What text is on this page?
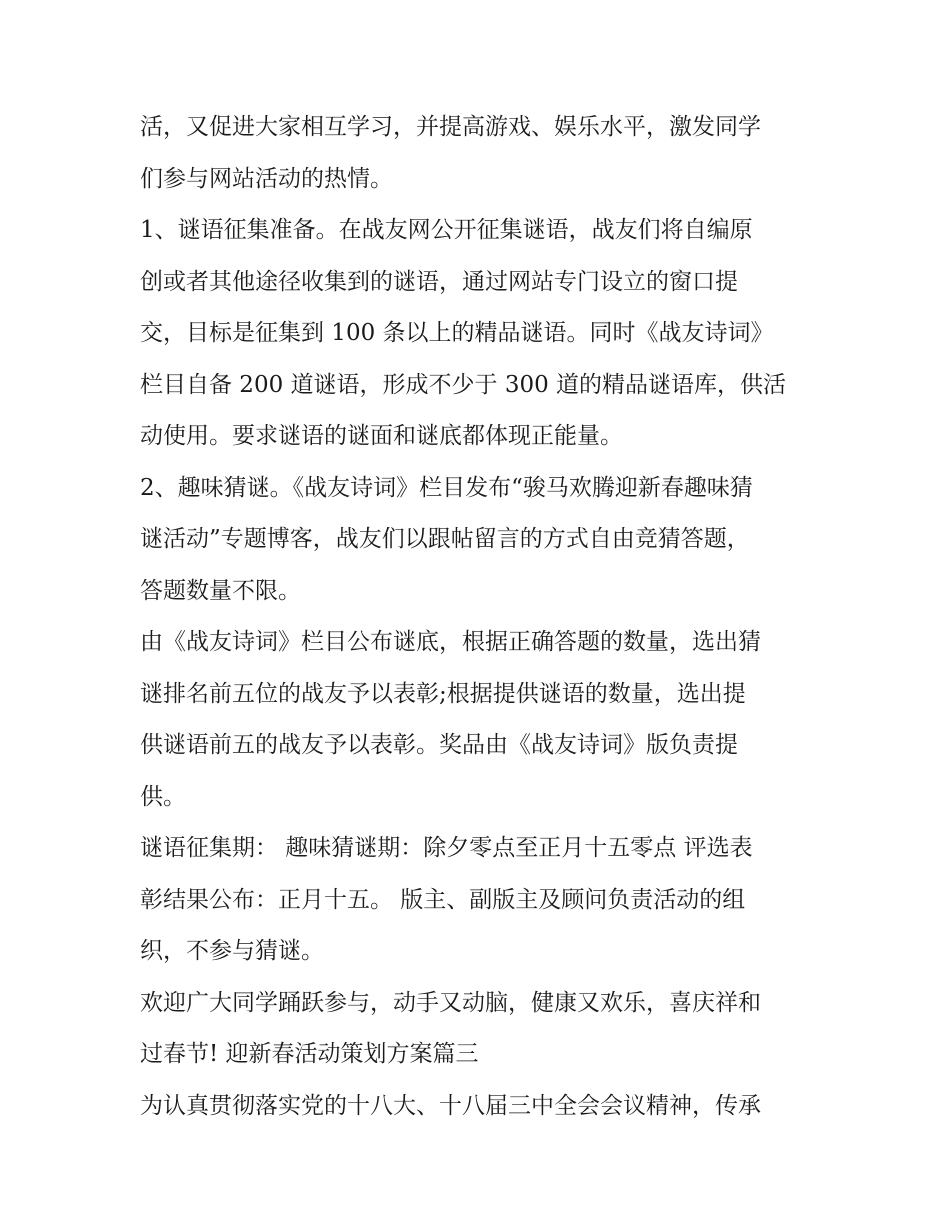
活，又促进大家相互学习，并提高游戏、娱乐水平，激发同学
们参与网站活动的热情。
1、谜语征集准备。在战友网公开征集谜语，战友们将自编原
创或者其他途径收集到的谜语，通过网站专门设立的窗口提
交，目标是征集到 100 条以上的精品谜语。同时《战友诗词》
栏目自备 200 道谜语，形成不少于 300 道的精品谜语库，供活
动使用。要求谜语的谜面和谜底都体现正能量。
2、趣味猜谜。《战友诗词》栏目发布“骏马欢腾迎新春趣味猜
谜活动”专题博客，战友们以跟帖留言的方式自由竞猜答题，
答题数量不限。
由《战友诗词》栏目公布谜底，根据正确答题的数量，选出猜
谜排名前五位的战友予以表彰;根据提供谜语的数量，选出提
供谜语前五的战友予以表彰。奖品由《战友诗词》版负责提
供。
谜语征集期： 趣味猜谜期：除夕零点至正月十五零点 评选表
彰结果公布：正月十五。 版主、副版主及顾问负责活动的组
织，不参与猜谜。
欢迎广大同学踊跃参与，动手又动脑，健康又欢乐，喜庆祥和
过春节! 迎新春活动策划方案篇三
为认真贯彻落实党的十八大、十八届三中全会会议精神，传承
